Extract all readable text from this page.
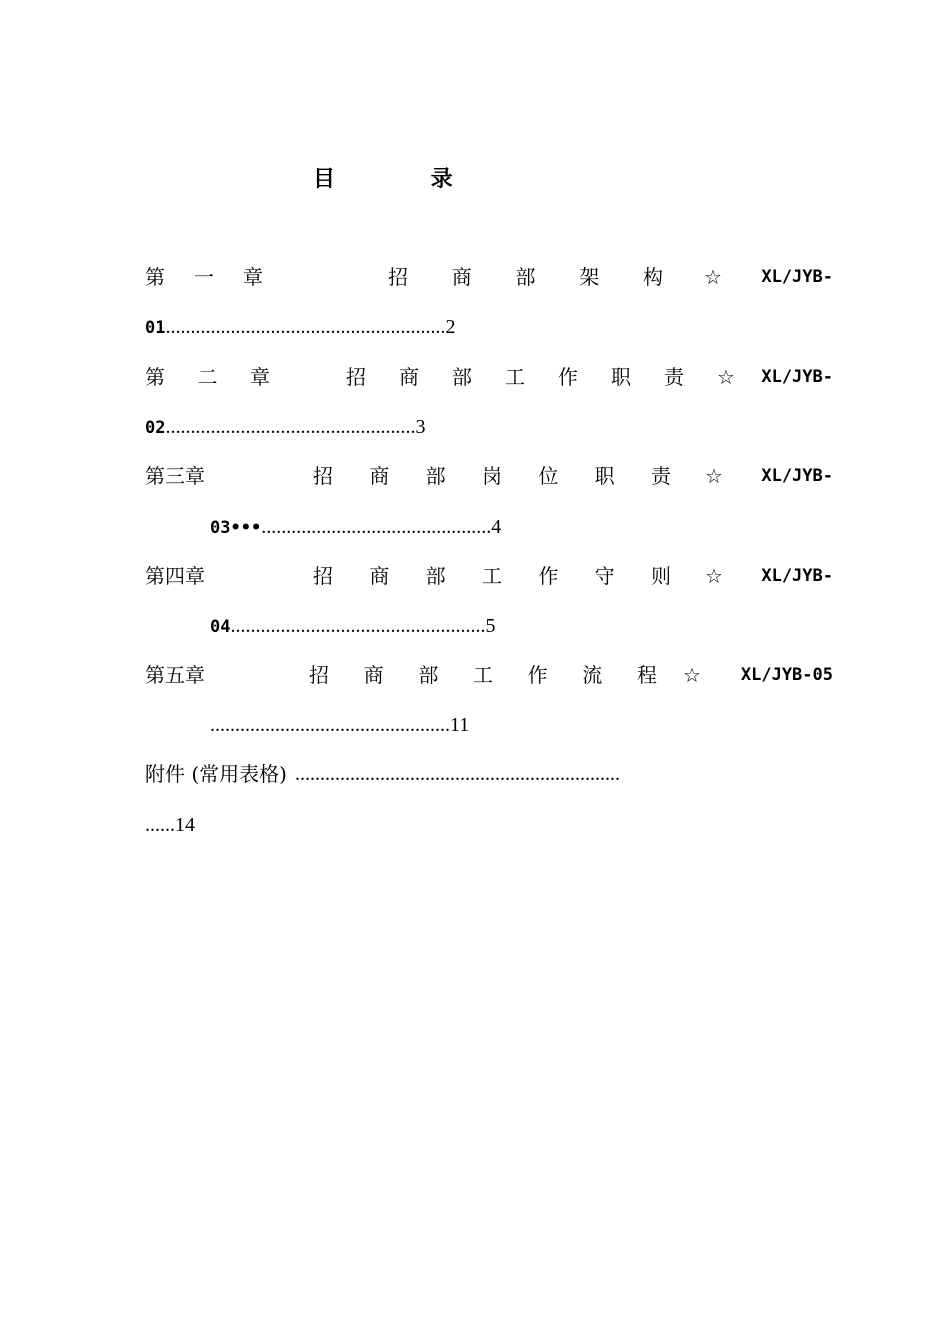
目 录
第 一 章	招 商 部 架 构 ☆ XL/JYB-
01........................................................2
第 二 章	招 商 部 工 作 职 责 ☆ XL/JYB-
02..................................................3
第三章	招 商 部 岗 位 职 责 ☆ XL/JYB-
03•••..............................................4
第四章	招 商 部 工 作 守 则 ☆ XL/JYB-
04...................................................5
第五章	招 商 部 工 作 流 程 ☆ XL/JYB-05
................................................11
附件 (常用表格) .................................................................
......14
